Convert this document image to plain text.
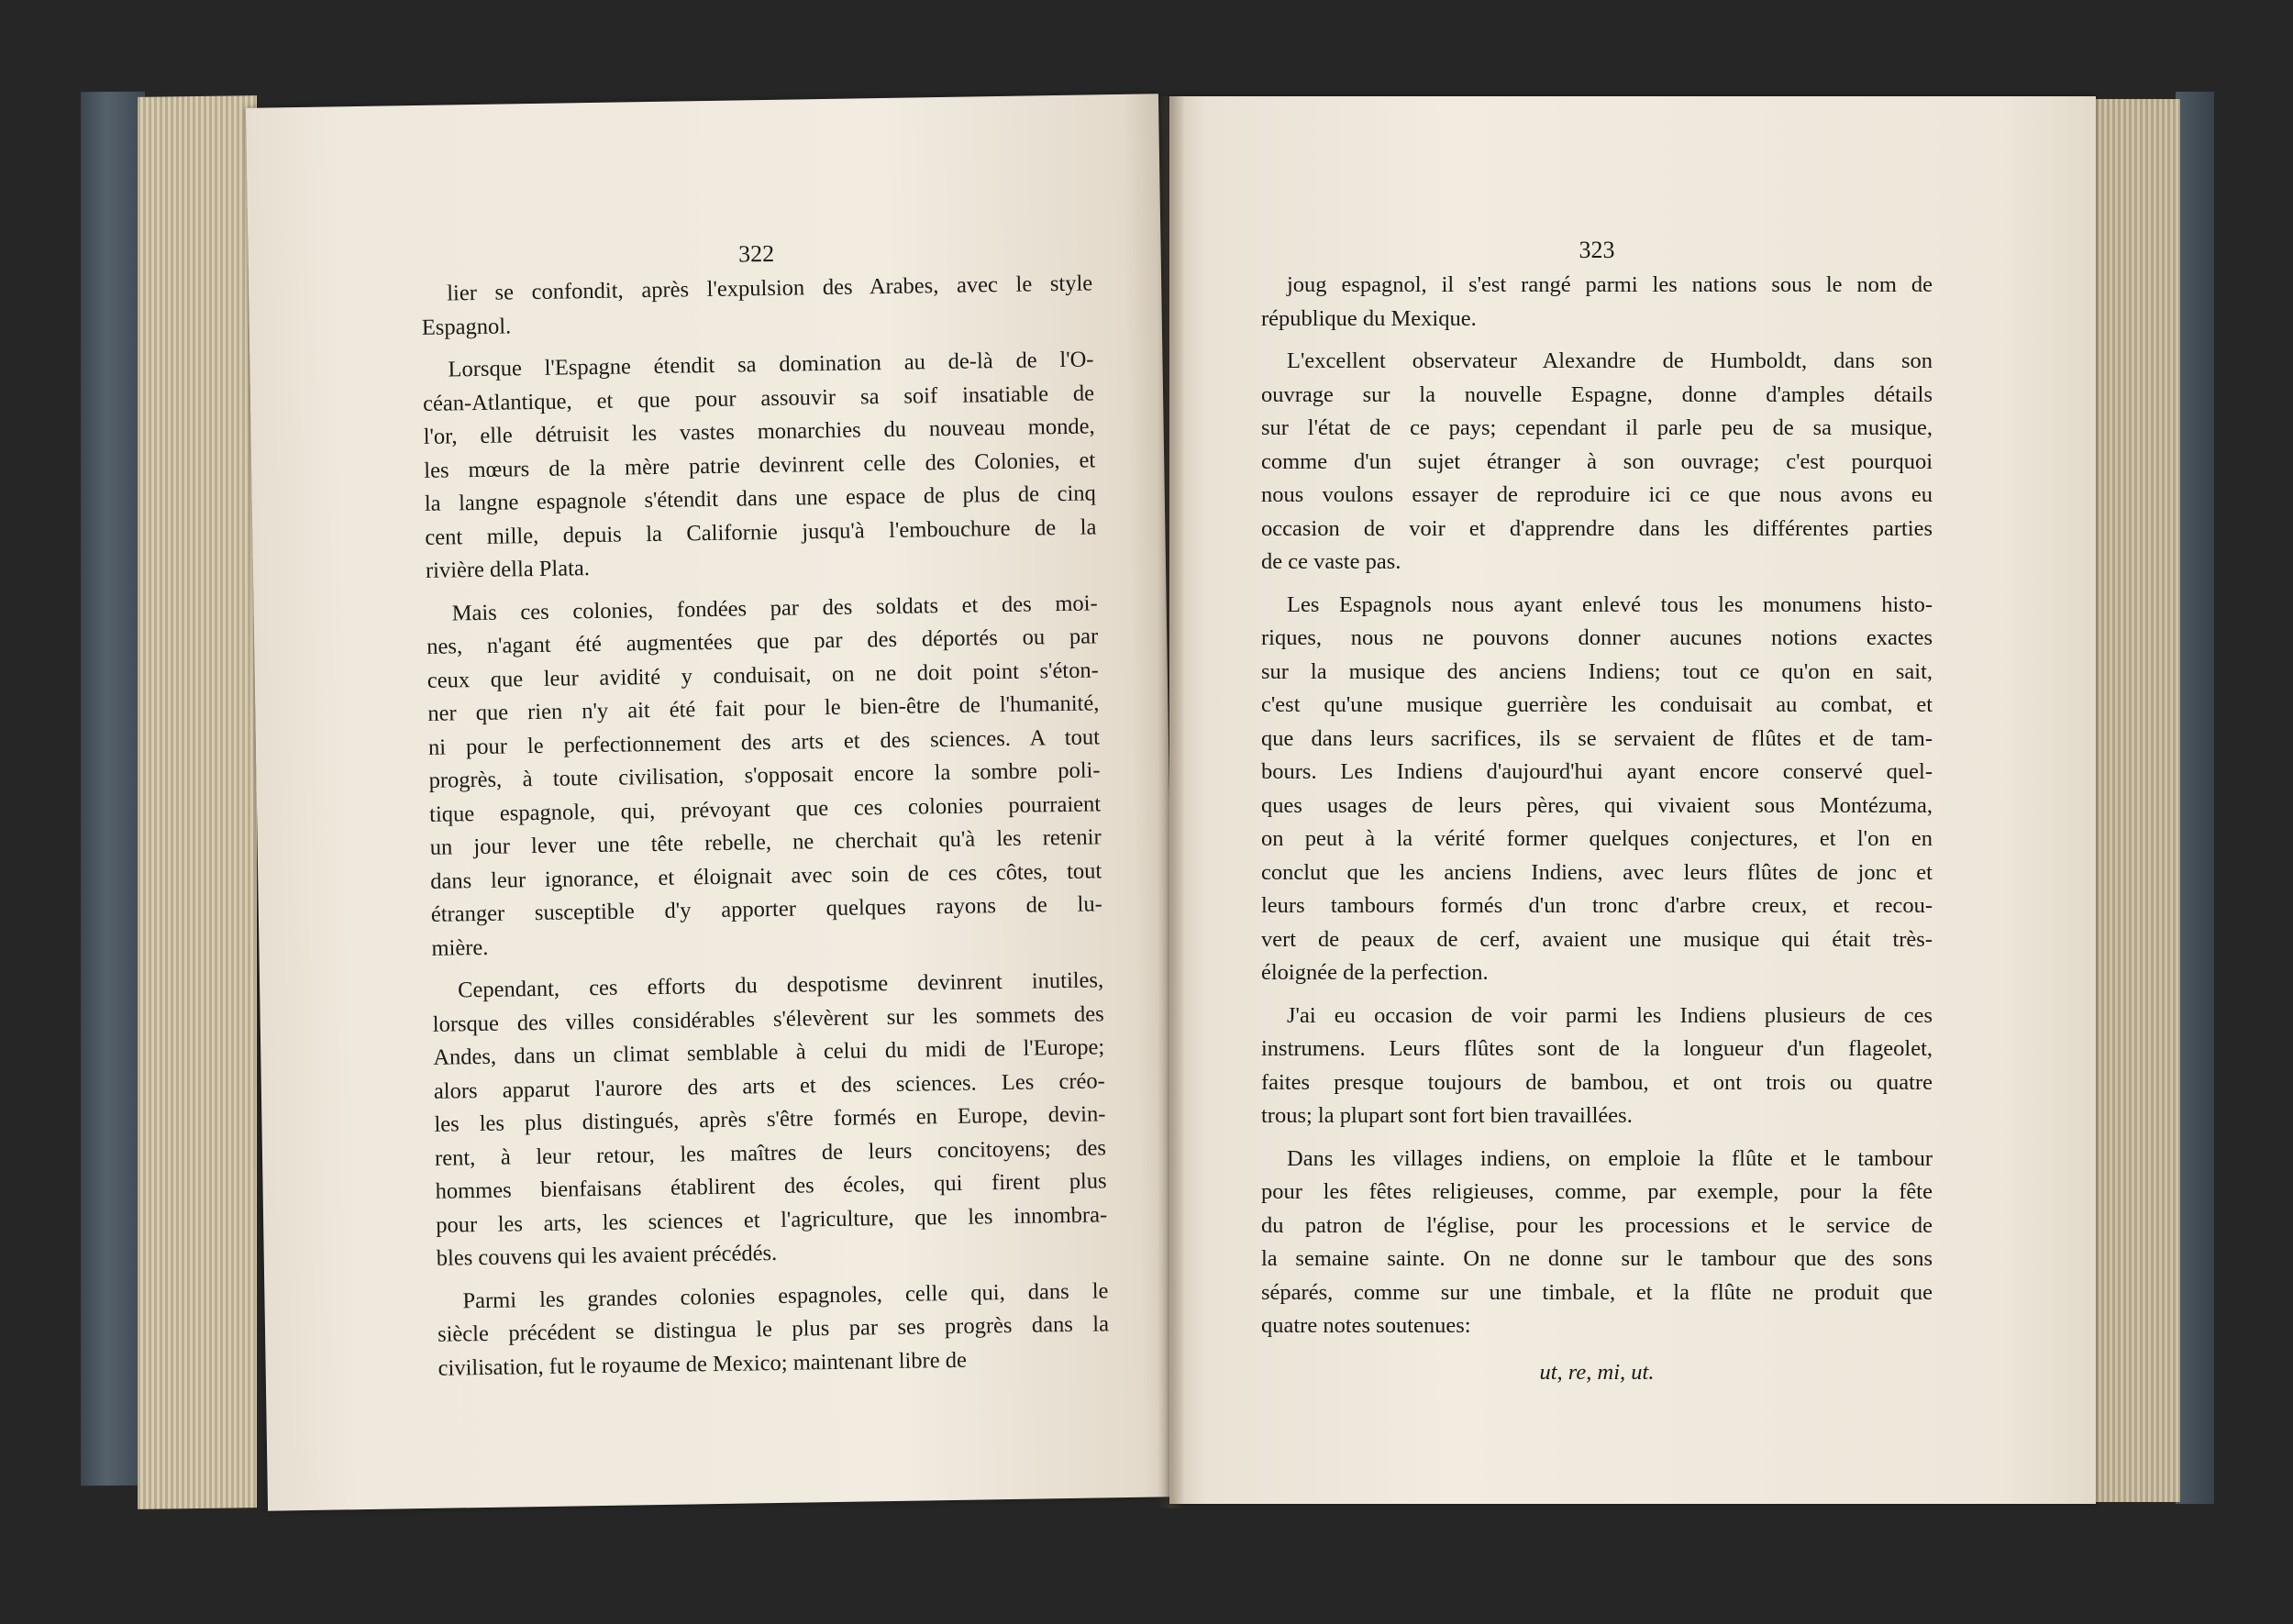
322
lier se confondit, après l'expulsion des Arabes, avec le style
Espagnol.
Lorsque l'Espagne étendit sa domination au de-là de l'O-
céan-Atlantique, et que pour assouvir sa soif insatiable de
l'or, elle détruisit les vastes monarchies du nouveau monde,
les mœurs de la mère patrie devinrent celle des Colonies, et
la langne espagnole s'étendit dans une espace de plus de cinq
cent mille, depuis la Californie jusqu'à l'embouchure de la
rivière della Plata.
Mais ces colonies, fondées par des soldats et des moi-
nes, n'agant été augmentées que par des déportés ou par
ceux que leur avidité y conduisait, on ne doit point s'éton-
ner que rien n'y ait été fait pour le bien-être de l'humanité,
ni pour le perfectionnement des arts et des sciences. A tout
progrès, à toute civilisation, s'opposait encore la sombre poli-
tique espagnole, qui, prévoyant que ces colonies pourraient
un jour lever une tête rebelle, ne cherchait qu'à les retenir
dans leur ignorance, et éloignait avec soin de ces côtes, tout
étranger susceptible d'y apporter quelques rayons de lu-
mière.
Cependant, ces efforts du despotisme devinrent inutiles,
lorsque des villes considérables s'élevèrent sur les sommets des
Andes, dans un climat semblable à celui du midi de l'Europe;
alors apparut l'aurore des arts et des sciences. Les créo-
les les plus distingués, après s'être formés en Europe, devin-
rent, à leur retour, les maîtres de leurs concitoyens; des
hommes bienfaisans établirent des écoles, qui firent plus
pour les arts, les sciences et l'agriculture, que les innombra-
bles couvens qui les avaient précédés.
Parmi les grandes colonies espagnoles, celle qui, dans le
siècle précédent se distingua le plus par ses progrès dans la
civilisation, fut le royaume de Mexico; maintenant libre de
323
joug espagnol, il s'est rangé parmi les nations sous le nom de
république du Mexique.
L'excellent observateur Alexandre de Humboldt, dans son
ouvrage sur la nouvelle Espagne, donne d'amples détails
sur l'état de ce pays; cependant il parle peu de sa musique,
comme d'un sujet étranger à son ouvrage; c'est pourquoi
nous voulons essayer de reproduire ici ce que nous avons eu
occasion de voir et d'apprendre dans les différentes parties
de ce vaste pas.
Les Espagnols nous ayant enlevé tous les monumens histo-
riques, nous ne pouvons donner aucunes notions exactes
sur la musique des anciens Indiens; tout ce qu'on en sait,
c'est qu'une musique guerrière les conduisait au combat, et
que dans leurs sacrifices, ils se servaient de flûtes et de tam-
bours. Les Indiens d'aujourd'hui ayant encore conservé quel-
ques usages de leurs pères, qui vivaient sous Montézuma,
on peut à la vérité former quelques conjectures, et l'on en
conclut que les anciens Indiens, avec leurs flûtes de jonc et
leurs tambours formés d'un tronc d'arbre creux, et recou-
vert de peaux de cerf, avaient une musique qui était très-
éloignée de la perfection.
J'ai eu occasion de voir parmi les Indiens plusieurs de ces
instrumens. Leurs flûtes sont de la longueur d'un flageolet,
faites presque toujours de bambou, et ont trois ou quatre
trous; la plupart sont fort bien travaillées.
Dans les villages indiens, on emploie la flûte et le tambour
pour les fêtes religieuses, comme, par exemple, pour la fête
du patron de l'église, pour les processions et le service de
la semaine sainte. On ne donne sur le tambour que des sons
séparés, comme sur une timbale, et la flûte ne produit que
quatre notes soutenues:
ut, re, mi, ut.
